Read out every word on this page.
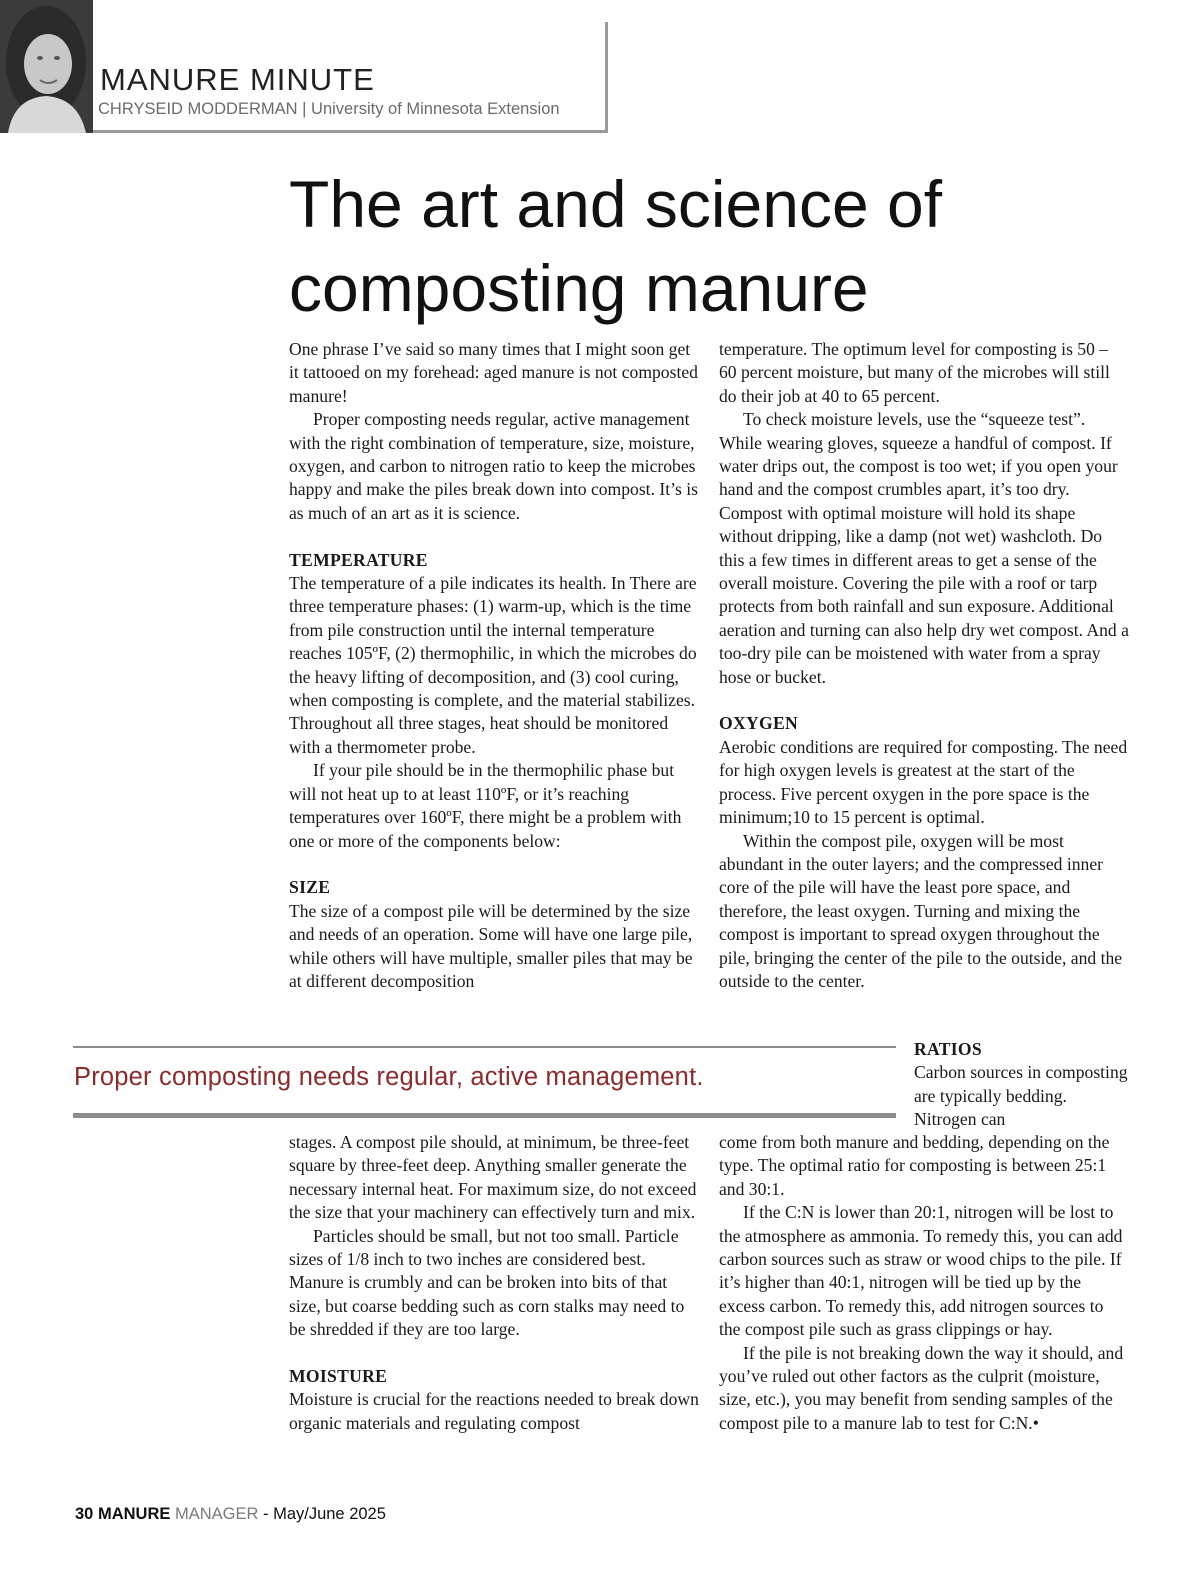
MANURE MINUTE

CHRYSEID MODDERMAN | University of Minnesota Extension

The art and science of composting manure

One phrase I’ve said so many times that I might soon get it tattooed on my forehead: aged manure is not composted manure!

Proper composting needs regular, active management with the right combination of temperature, size, moisture, oxygen, and carbon to nitrogen ratio to keep the microbes happy and make the piles break down into compost. It’s is as much of an art as it is science.

TEMPERATURE

The temperature of a pile indicates its health. In There are three temperature phases: (1) warm-up, which is the time from pile construction until the internal temperature reaches 105ºF, (2) thermophilic, in which the microbes do the heavy lifting of decomposition, and (3) cool curing, when composting is complete, and the material stabilizes. Throughout all three stages, heat should be monitored with a thermometer probe.

If your pile should be in the thermophilic phase but will not heat up to at least 110ºF, or it’s reaching temperatures over 160ºF, there might be a problem with one or more of the components below:

SIZE

The size of a compost pile will be determined by the size and needs of an operation. Some will have one large pile, while others will have multiple, smaller piles that may be at different decomposition

temperature. The optimum level for composting is 50 – 60 percent moisture, but many of the microbes will still do their job at 40 to 65 percent.

To check moisture levels, use the “squeeze test”. While wearing gloves, squeeze a handful of compost. If water drips out, the compost is too wet; if you open your hand and the compost crumbles apart, it’s too dry. Compost with optimal moisture will hold its shape without dripping, like a damp (not wet) washcloth. Do this a few times in different areas to get a sense of the overall moisture. Covering the pile with a roof or tarp protects from both rainfall and sun exposure. Additional aeration and turning can also help dry wet compost. And a too-dry pile can be moistened with water from a spray hose or bucket.

OXYGEN

Aerobic conditions are required for composting. The need for high oxygen levels is greatest at the start of the process. Five percent oxygen in the pore space is the minimum;10 to 15 percent is optimal.

Within the compost pile, oxygen will be most abundant in the outer layers; and the compressed inner core of the pile will have the least pore space, and therefore, the least oxygen. Turning and mixing the compost is important to spread oxygen throughout the pile, bringing the center of the pile to the outside, and the outside to the center.

Proper composting needs regular, active management.

RATIOS

Carbon sources in composting are typically bedding. Nitrogen can

stages. A compost pile should, at minimum, be three-feet square by three-feet deep. Anything smaller generate the necessary internal heat. For maximum size, do not exceed the size that your machinery can effectively turn and mix.

Particles should be small, but not too small. Particle sizes of 1/8 inch to two inches are considered best. Manure is crumbly and can be broken into bits of that size, but coarse bedding such as corn stalks may need to be shredded if they are too large.

MOISTURE

Moisture is crucial for the reactions needed to break down organic materials and regulating compost

come from both manure and bedding, depending on the type. The optimal ratio for composting is between 25:1 and 30:1.

If the C:N is lower than 20:1, nitrogen will be lost to the atmosphere as ammonia. To remedy this, you can add carbon sources such as straw or wood chips to the pile. If it’s higher than 40:1, nitrogen will be tied up by the excess carbon. To remedy this, add nitrogen sources to the compost pile such as grass clippings or hay.

If the pile is not breaking down the way it should, and you’ve ruled out other factors as the culprit (moisture, size, etc.), you may benefit from sending samples of the compost pile to a manure lab to test for C:N.•

30 MANURE MANAGER - May/June 2025
